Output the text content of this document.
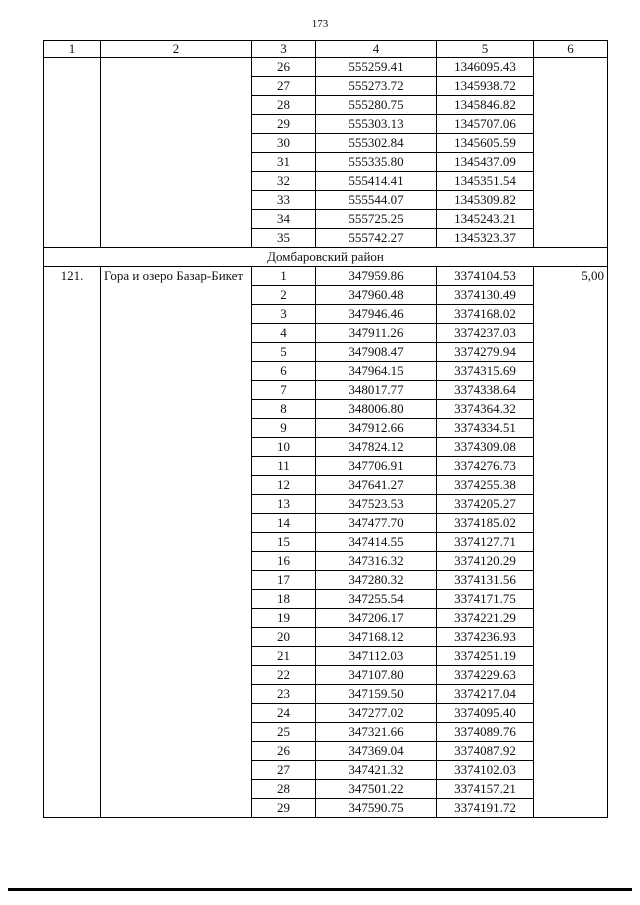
173
1	2	3	4	5	6
		26	555259.41	1346095.43	
		27	555273.72	1345938.72	
		28	555280.75	1345846.82	
		29	555303.13	1345707.06	
		30	555302.84	1345605.59	
		31	555335.80	1345437.09	
		32	555414.41	1345351.54	
		33	555544.07	1345309.82	
		34	555725.25	1345243.21	
		35	555742.27	1345323.37	
Домбаровский район					
121.	Гора и озеро Базар-Бикет	1	347959.86	3374104.53	5,00
		2	347960.48	3374130.49	
		3	347946.46	3374168.02	
		4	347911.26	3374237.03	
		5	347908.47	3374279.94	
		6	347964.15	3374315.69	
		7	348017.77	3374338.64	
		8	348006.80	3374364.32	
		9	347912.66	3374334.51	
		10	347824.12	3374309.08	
		11	347706.91	3374276.73	
		12	347641.27	3374255.38	
		13	347523.53	3374205.27	
		14	347477.70	3374185.02	
		15	347414.55	3374127.71	
		16	347316.32	3374120.29	
		17	347280.32	3374131.56	
		18	347255.54	3374171.75	
		19	347206.17	3374221.29	
		20	347168.12	3374236.93	
		21	347112.03	3374251.19	
		22	347107.80	3374229.63	
		23	347159.50	3374217.04	
		24	347277.02	3374095.40	
		25	347321.66	3374089.76	
		26	347369.04	3374087.92	
		27	347421.32	3374102.03	
		28	347501.22	3374157.21	
		29	347590.75	3374191.72	
